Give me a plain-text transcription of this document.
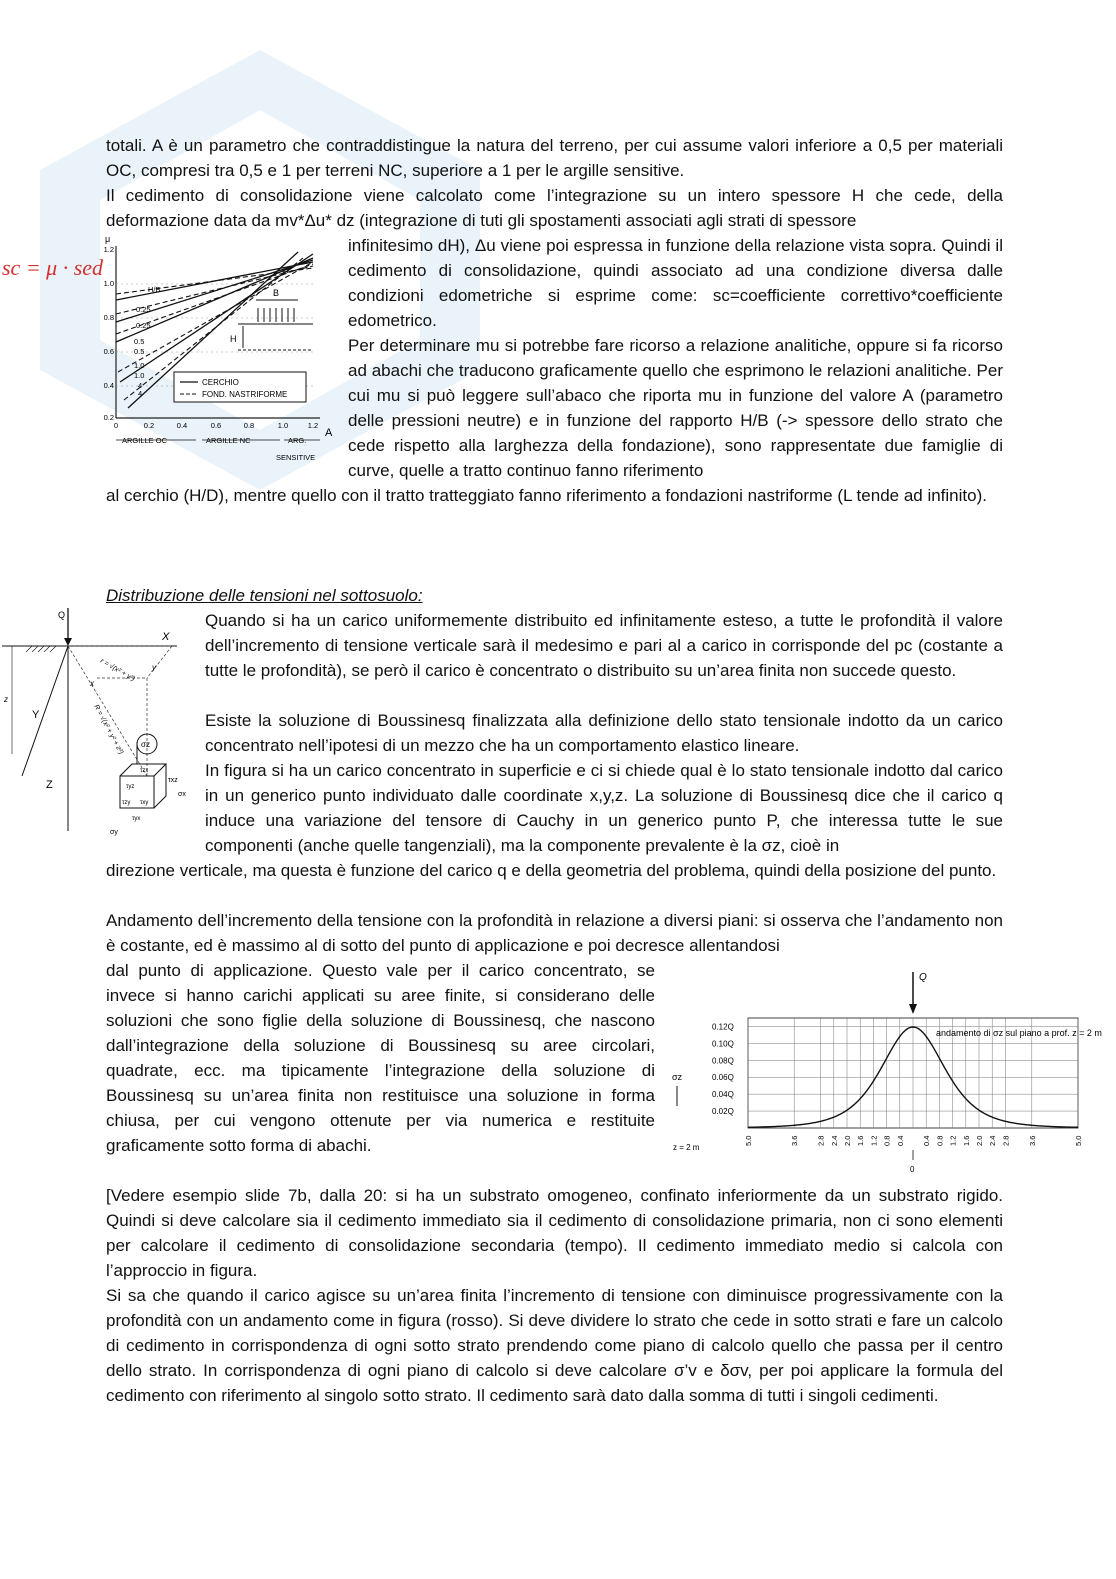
totali. A è un parametro che contraddistingue la natura del terreno, per cui assume valori inferiore a 0,5 per materiali OC, compresi tra 0,5 e 1 per terreni NC, superiore a 1 per le argille sensitive.

Il cedimento di consolidazione viene calcolato come l’integrazione su un intero spessore H che cede, della deformazione data da mv*Δu* dz (integrazione di tuti gli spostamenti associati agli strati di spessore

sc = μ · sed
μ
A
1.2
1.0
0.8
0.6
0.4
0.2
0	0.2	0.4	0.6	0.8	1.0	1.2
H/B
0.25
0.25
0.5
0.5
1.0
1.0
4
4
B
H
CERCHIO
FOND. NASTRIFORME
ARGILLE OC	ARGILLE NC	ARG.
SENSITIVE

infinitesimo dH), Δu viene poi espressa in funzione della relazione vista sopra. Quindi il cedimento di consolidazione, quindi associato ad una condizione diversa dalle condizioni edometriche si esprime come: sc=coefficiente correttivo*coefficiente edometrico.

Per determinare mu si potrebbe fare ricorso a relazione analitiche, oppure si fa ricorso ad abachi che traducono graficamente quello che esprimono le relazioni analitiche. Per cui mu si può leggere sull’abaco che riporta mu in funzione del valore A (parametro delle pressioni neutre) e in funzione del rapporto H/B (-> spessore dello strato che cede rispetto alla larghezza della fondazione), sono rappresentate due famiglie di curve, quelle a tratto continuo fanno riferimento

al cerchio (H/D), mentre quello con il tratto tratteggiato fanno riferimento a fondazioni nastriforme (L tende ad infinito).

Distribuzione delle tensioni nel sottosuolo:
Q
X
Y
Z
z
r = √(x² + y²)
R = √(x² + y² + z²)
y
x
σz
σx
σy
τxz
τyz
τzx
τzy τxy
τyx

Quando si ha un carico uniformemente distribuito ed infinitamente esteso, a tutte le profondità il valore dell’incremento di tensione verticale sarà il medesimo e pari al a carico in corrisponde del pc (costante a tutte le profondità), se però il carico è concentrato o distribuito su un’area finita non succede questo.

Esiste la soluzione di Boussinesq finalizzata alla definizione dello stato tensionale indotto da un carico concentrato nell’ipotesi di un mezzo che ha un comportamento elastico lineare.

In figura si ha un carico concentrato in superficie e ci si chiede qual è lo stato tensionale indotto dal carico in un generico punto individuato dalle coordinate x,y,z. La soluzione di Boussinesq dice che il carico q induce una variazione del tensore di Cauchy in un generico punto P, che interessa tutte le sue componenti (anche quelle tangenziali), ma la componente prevalente è la σz, cioè in

direzione verticale, ma questa è funzione del carico q e della geometria del problema, quindi della posizione del punto.

Andamento dell’incremento della tensione con la profondità in relazione a diversi piani: si osserva che l’andamento non è costante, ed è massimo al di sotto del punto di applicazione e poi decresce allentandosi

dal punto di applicazione. Questo vale per il carico concentrato, se invece si hanno carichi applicati su aree finite, si considerano delle soluzioni che sono figlie della soluzione di Boussinesq, che nascono dall’integrazione della soluzione di Boussinesq su aree circolari, quadrate, ecc. ma tipicamente l’integrazione della soluzione di Boussinesq su un’area finita non restituisce una soluzione in forma chiusa, per cui vengono ottenute per via numerica e restituite graficamente sotto forma di abachi.

0.12Q
0.10Q
0.08Q
0.06Q
0.04Q
0.02Q
5.0	3.6 2.8 2.4 2.0 1.6 1.2 0.8 0.4 0.4 0.8 1.2 1.6 2.0 2.4 2.8 3.6	5.0
Q
andamento di σz sul piano a prof. z = 2 m
σz
z = 2 m
0

[Vedere esempio slide 7b, dalla 20: si ha un substrato omogeneo, confinato inferiormente da un substrato rigido. Quindi si deve calcolare sia il cedimento immediato sia il cedimento di consolidazione primaria, non ci sono elementi per calcolare il cedimento di consolidazione secondaria (tempo). Il cedimento immediato medio si calcola con l’approccio in figura.

Si sa che quando il carico agisce su un’area finita l’incremento di tensione con diminuisce progressivamente con la profondità con un andamento come in figura (rosso). Si deve dividere lo strato che cede in sotto strati e fare un calcolo di cedimento in corrispondenza di ogni sotto strato prendendo come piano di calcolo quello che passa per il centro dello strato. In corrispondenza di ogni piano di calcolo si deve calcolare σ’v e δσv, per poi applicare la formula del cedimento con riferimento al singolo sotto strato. Il cedimento sarà dato dalla somma di tutti i singoli cedimenti.
